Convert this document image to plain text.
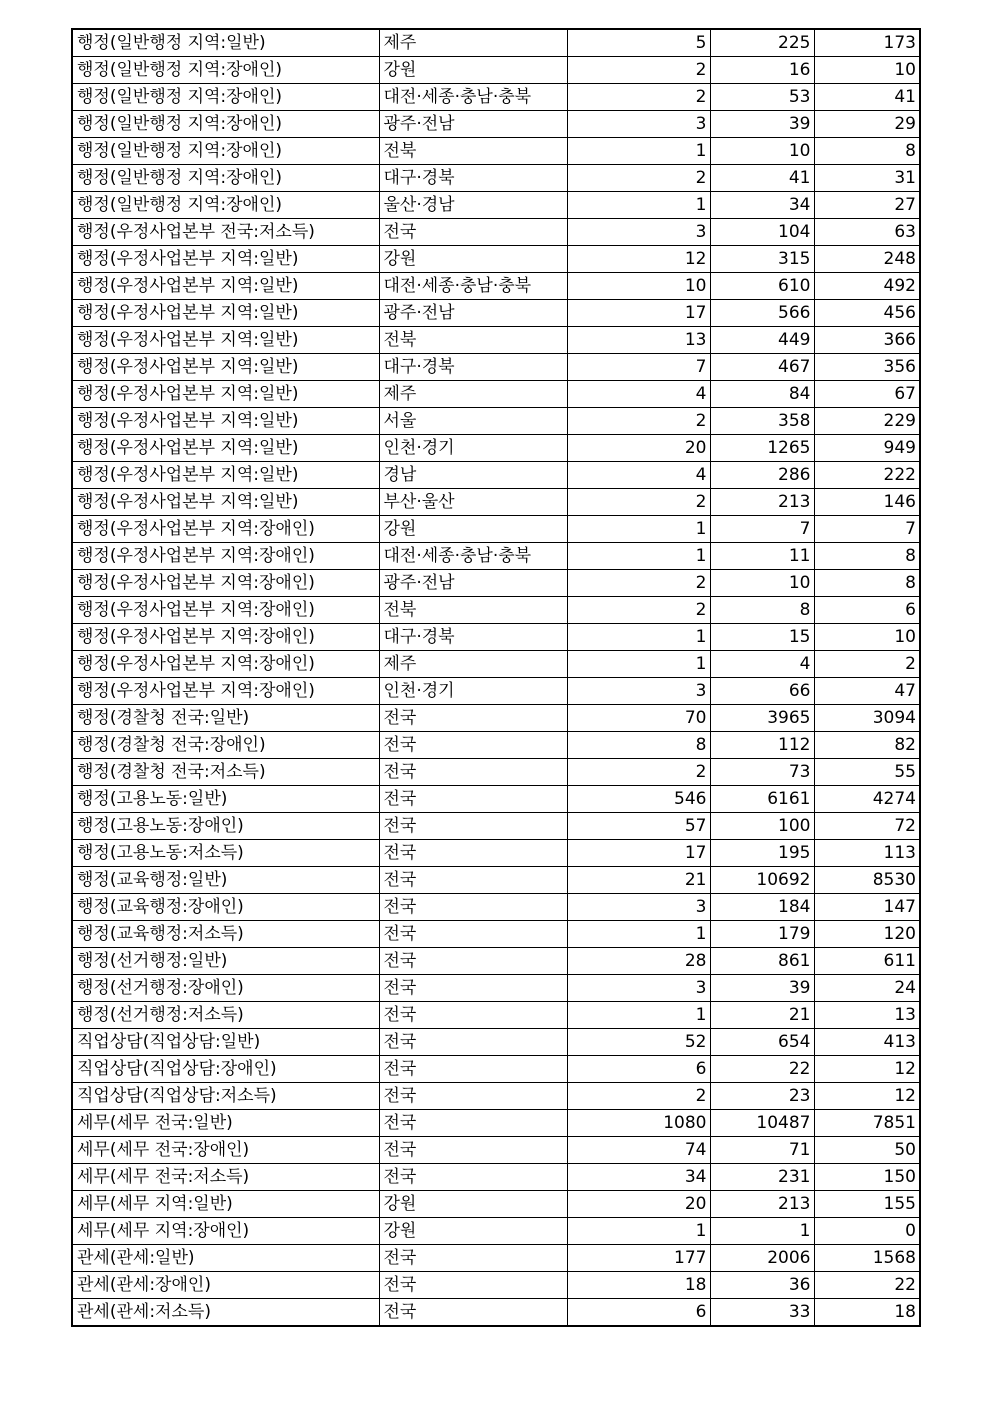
행정(일반행정 지역:일반)	제주	5	225	173
행정(일반행정 지역:장애인)	강원	2	16	10
행정(일반행정 지역:장애인)	대전·세종·충남·충북	2	53	41
행정(일반행정 지역:장애인)	광주·전남	3	39	29
행정(일반행정 지역:장애인)	전북	1	10	8
행정(일반행정 지역:장애인)	대구·경북	2	41	31
행정(일반행정 지역:장애인)	울산·경남	1	34	27
행정(우정사업본부 전국:저소득)	전국	3	104	63
행정(우정사업본부 지역:일반)	강원	12	315	248
행정(우정사업본부 지역:일반)	대전·세종·충남·충북	10	610	492
행정(우정사업본부 지역:일반)	광주·전남	17	566	456
행정(우정사업본부 지역:일반)	전북	13	449	366
행정(우정사업본부 지역:일반)	대구·경북	7	467	356
행정(우정사업본부 지역:일반)	제주	4	84	67
행정(우정사업본부 지역:일반)	서울	2	358	229
행정(우정사업본부 지역:일반)	인천·경기	20	1265	949
행정(우정사업본부 지역:일반)	경남	4	286	222
행정(우정사업본부 지역:일반)	부산·울산	2	213	146
행정(우정사업본부 지역:장애인)	강원	1	7	7
행정(우정사업본부 지역:장애인)	대전·세종·충남·충북	1	11	8
행정(우정사업본부 지역:장애인)	광주·전남	2	10	8
행정(우정사업본부 지역:장애인)	전북	2	8	6
행정(우정사업본부 지역:장애인)	대구·경북	1	15	10
행정(우정사업본부 지역:장애인)	제주	1	4	2
행정(우정사업본부 지역:장애인)	인천·경기	3	66	47
행정(경찰청 전국:일반)	전국	70	3965	3094
행정(경찰청 전국:장애인)	전국	8	112	82
행정(경찰청 전국:저소득)	전국	2	73	55
행정(고용노동:일반)	전국	546	6161	4274
행정(고용노동:장애인)	전국	57	100	72
행정(고용노동:저소득)	전국	17	195	113
행정(교육행정:일반)	전국	21	10692	8530
행정(교육행정:장애인)	전국	3	184	147
행정(교육행정:저소득)	전국	1	179	120
행정(선거행정:일반)	전국	28	861	611
행정(선거행정:장애인)	전국	3	39	24
행정(선거행정:저소득)	전국	1	21	13
직업상담(직업상담:일반)	전국	52	654	413
직업상담(직업상담:장애인)	전국	6	22	12
직업상담(직업상담:저소득)	전국	2	23	12
세무(세무 전국:일반)	전국	1080	10487	7851
세무(세무 전국:장애인)	전국	74	71	50
세무(세무 전국:저소득)	전국	34	231	150
세무(세무 지역:일반)	강원	20	213	155
세무(세무 지역:장애인)	강원	1	1	0
관세(관세:일반)	전국	177	2006	1568
관세(관세:장애인)	전국	18	36	22
관세(관세:저소득)	전국	6	33	18
